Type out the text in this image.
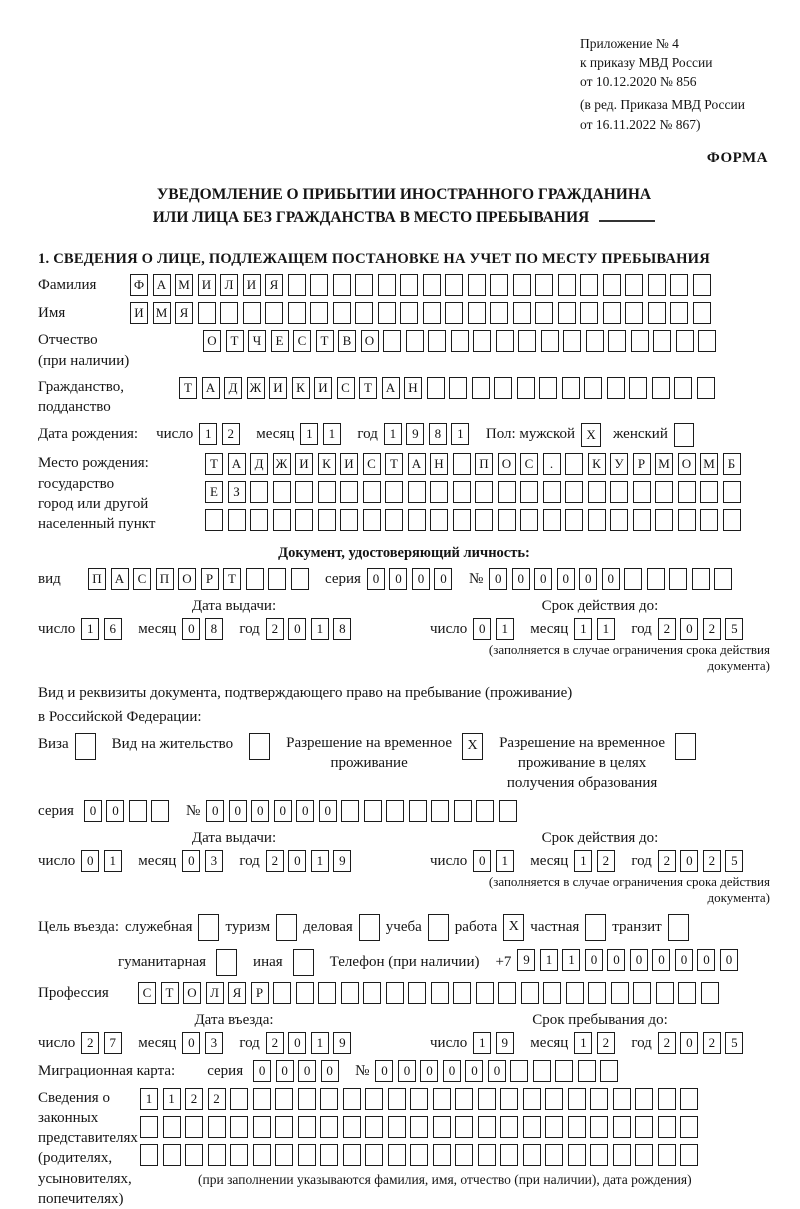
Приложение № 4
к приказу МВД России
от 10.12.2020 № 856
(в ред. Приказа МВД России
от 16.11.2022 № 867)
ФОРМА
УВЕДОМЛЕНИЕ О ПРИБЫТИИ ИНОСТРАННОГО ГРАЖДАНИНА
ИЛИ ЛИЦА БЕЗ ГРАЖДАНСТВА В МЕСТО ПРЕБЫВАНИЯ
1. СВЕДЕНИЯ О ЛИЦЕ, ПОДЛЕЖАЩЕМ ПОСТАНОВКЕ НА УЧЕТ ПО МЕСТУ ПРЕБЫВАНИЯ
Фамилия	Ф А М И Л И Я
Имя	И М Я
Отчество
(при наличии)
О Т Ч Е С Т В О
Гражданство,
подданство
Т А Д Ж И К И С Т А Н
Дата рождения: число 1 2	месяц 1 1	год 1 9 8 1	Пол: мужской X	женский
Место рождения:
государство
город или другой
населенный пункт
Т А Д Ж И К И С Т А Н	П О С .	К У Р М О М Б
Е З
Документ, удостоверяющий личность:
вид	П А С П О Р Т	серия 0 0 0 0	№ 0 0 0 0 0 0
Дата выдачи:
число 1 6	месяц 0 8	год 2 0 1 8
Срок действия до:
число 0 1	месяц 1 1	год 2 0 2 5
(заполняется в случае ограничения срока действия документа)
Вид и реквизиты документа, подтверждающего право на пребывание (проживание)
в Российской Федерации:
Виза	Вид на жительство	Разрешение на временное
проживание
X	Разрешение на временное
проживание в целях
получения образования
серия	0 0	№ 0 0 0 0 0 0
Дата выдачи:
число 0 1	месяц 0 3	год 2 0 1 9
Срок действия до:
число 0 1	месяц 1 2	год 2 0 2 5
(заполняется в случае ограничения срока действия документа)
Цель въезда: служебная туризм деловая учеба работа X частная транзит
гуманитарная	иная	Телефон (при наличии) +7 9 1 1 0 0 0 0 0 0 0
Профессия	С Т О Л Я Р
Дата въезда:
число 2 7	месяц 0 3	год 2 0 1 9
Срок пребывания до:
число 1 9	месяц 1 2	год 2 0 2 5
Миграционная карта: серия	0 0 0 0	№ 0 0 0 0 0 0
Сведения о
законных
представителях
(родителях,
усыновителях,
попечителях)
1 1 2 2
(при заполнении указываются фамилия, имя, отчество (при наличии), дата рождения)
